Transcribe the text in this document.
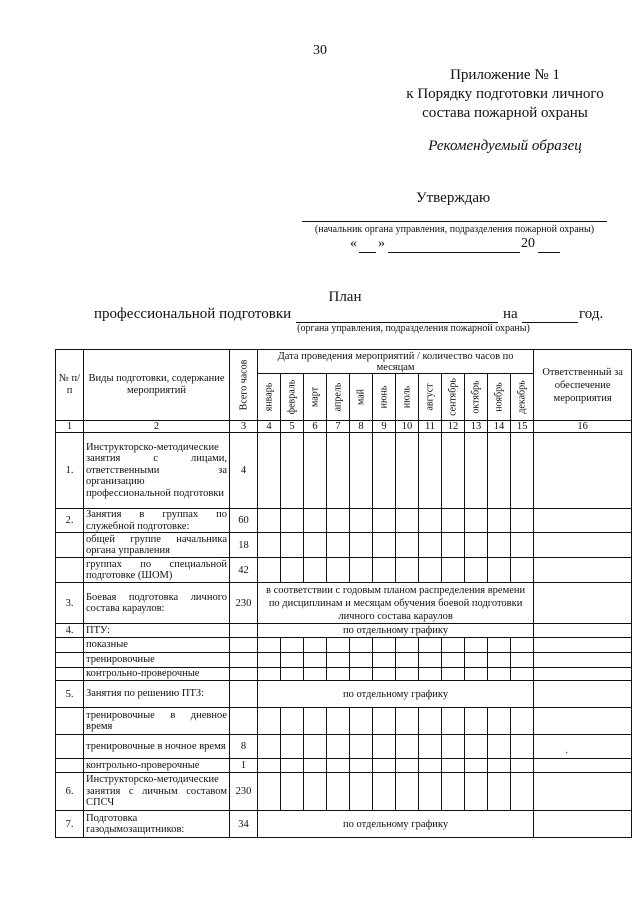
30
Приложение № 1
к Порядку подготовки личного
состава пожарной охраны
Рекомендуемый образец
Утверждаю
(начальник органа управления, подразделения пожарной охраны)
« »	20
План
профессиональной подготовки	на	год.
(органа управления, подразделения пожарной охраны)
№ п/п	Виды подготовки, содержание мероприятий	Всего часов	Дата проведения мероприятий / количество часов по месяцам												Ответственный за обеспечение мероприятия

			январь	февраль	март	апрель	май	июнь	июль	август	сентябрь	октябрь	ноябрь	декабрь	

1	2	3	4	5	6	7	8	9	10	11	12	13	14	15	16
1.	Инструкторско-методические занятия с лицами, ответственными за организацию профессиональной подготовки	4													
2.	Занятия в группах по служебной подготовке:	60													
	общей группе начальника органа управления	18													
	группах по специальной подготовке (ШОМ)	42													
3.	Боевая подготовка личного состава караулов:	230	в соответствии с годовым планом распределения времени по дисциплинам и месяцам обучения боевой подготовки личного состава караулов												
4.	ПТУ:		по отдельному графику												
	показные														
	тренировочные														
	контрольно-проверочные														
5.	Занятия по решению ПТЗ:		по отдельному графику												
	тренировочные в дневное время														
	тренировочные в ночное время	8													
	контрольно-проверочные	1													
6.	Инструкторско-методические занятия с личным составом СПСЧ	230													
7.	Подготовка газодымозащитников:	34	по отдельному графику												
·
